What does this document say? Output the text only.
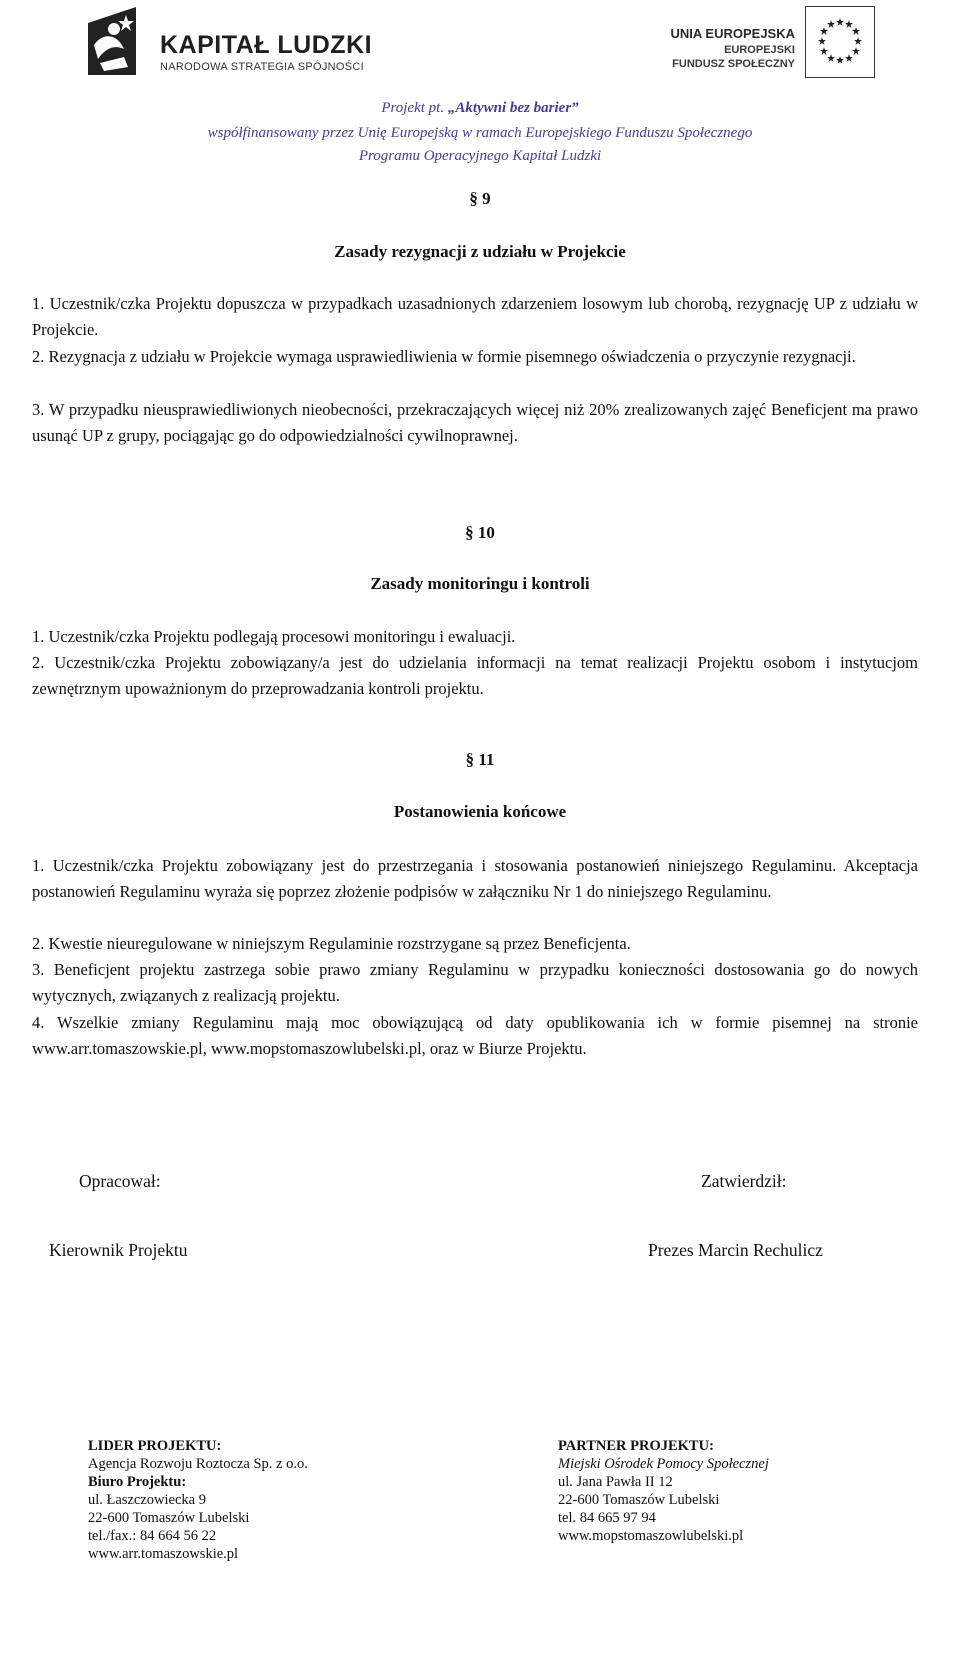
KAPITAŁ LUDZKI
NARODOWA STRATEGIA SPÓJNOŚCI
UNIA EUROPEJSKA
EUROPEJSKI
FUNDUSZ SPOŁECZNY
Projekt pt. „Aktywni bez barier”
współfinansowany przez Unię Europejską w ramach Europejskiego Funduszu Społecznego
Programu Operacyjnego Kapitał Ludzki
§ 9
Zasady rezygnacji z udziału w Projekcie
1. Uczestnik/czka Projektu dopuszcza w przypadkach uzasadnionych zdarzeniem losowym lub chorobą, rezygnację UP z udziału w Projekcie.
2. Rezygnacja z udziału w Projekcie wymaga usprawiedliwienia w formie pisemnego oświadczenia o przyczynie rezygnacji.
3. W przypadku nieusprawiedliwionych nieobecności, przekraczających więcej niż 20% zrealizowanych zajęć Beneficjent ma prawo usunąć UP z grupy, pociągając go do odpowiedzialności cywilnoprawnej.
§ 10
Zasady monitoringu i kontroli
1. Uczestnik/czka Projektu podlegają procesowi monitoringu i ewaluacji.
2. Uczestnik/czka Projektu zobowiązany/a jest do udzielania informacji na temat realizacji Projektu osobom i instytucjom zewnętrznym upoważnionym do przeprowadzania kontroli projektu.
§ 11
Postanowienia końcowe
1. Uczestnik/czka Projektu zobowiązany jest do przestrzegania i stosowania postanowień niniejszego Regulaminu. Akceptacja postanowień Regulaminu wyraża się poprzez złożenie podpisów w załączniku Nr 1 do niniejszego Regulaminu.
2. Kwestie nieuregulowane w niniejszym Regulaminie rozstrzygane są przez Beneficjenta.
3. Beneficjent projektu zastrzega sobie prawo zmiany Regulaminu w przypadku konieczności dostosowania go do nowych wytycznych, związanych z realizacją projektu.
4. Wszelkie zmiany Regulaminu mają moc obowiązującą od daty opublikowania ich w formie pisemnej na stronie www.arr.tomaszowskie.pl, www.mopstomaszowlubelski.pl, oraz w Biurze Projektu.
Opracował:
Kierownik Projektu
Zatwierdził:
Prezes Marcin Rechulicz
LIDER PROJEKTU:
Agencja Rozwoju Roztocza Sp. z o.o.
Biuro Projektu:
ul. Łaszczowiecka 9
22-600 Tomaszów Lubelski
tel./fax.: 84 664 56 22
www.arr.tomaszowskie.pl
PARTNER PROJEKTU:
Miejski Ośrodek Pomocy Społecznej
ul. Jana Pawła II 12
22-600 Tomaszów Lubelski
tel. 84 665 97 94
www.mopstomaszowlubelski.pl
